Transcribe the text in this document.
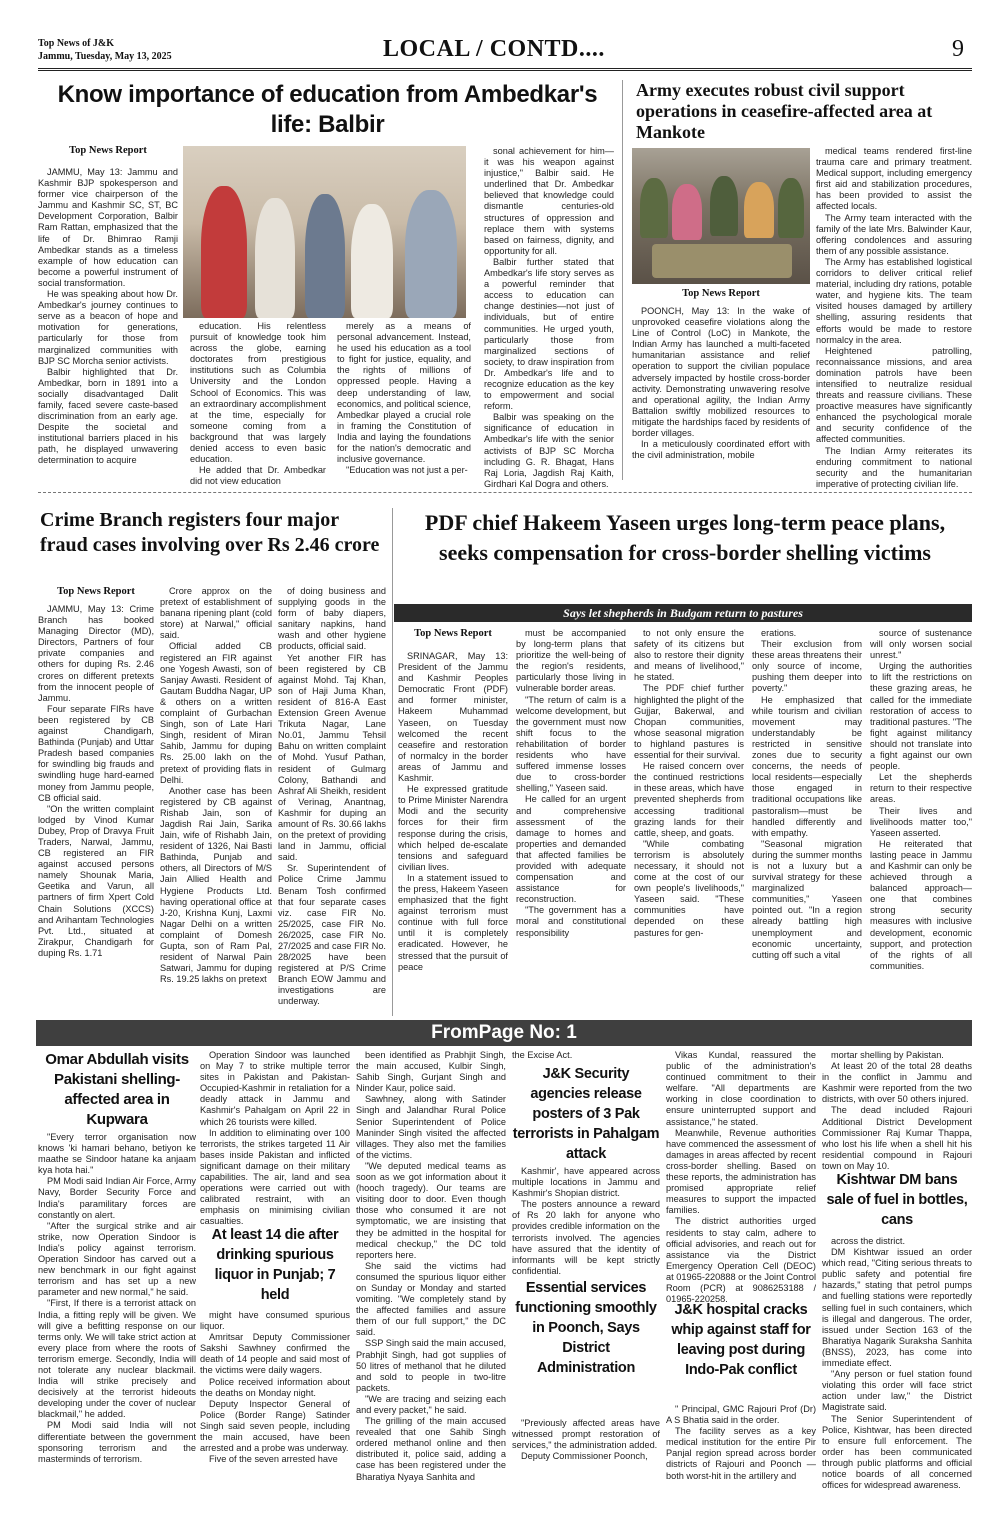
Top News of J&K
Jammu, Tuesday, May 13, 2025	LOCAL / CONTD....	9
Know importance of education from Ambedkar's life: Balbir
Top News Report

JAMMU, May 13: Jammu and Kashmir BJP spokesperson and former vice chairperson of the Jammu and Kashmir SC, ST, BC Development Corporation, Balbir Ram Rattan, emphasized that the life of Dr. Bhimrao Ramji Ambedkar stands as a timeless example of how education can become a powerful instrument of social transformation.

He was speaking about how Dr. Ambedkar's journey continues to serve as a beacon of hope and motivation for generations, particularly for those from marginalized communities with BJP SC Morcha senior activists.

Balbir highlighted that Dr. Ambedkar, born in 1891 into a socially disadvantaged Dalit family, faced severe caste-based discrimination from an early age. Despite the societal and institutional barriers placed in his path, he displayed unwavering determination to acquire

education. His relentless pursuit of knowledge took him across the globe, earning doctorates from prestigious institutions such as Columbia University and the London School of Economics. This was an extraordinary accomplishment at the time, especially for someone coming from a background that was largely denied access to even basic education.

He added that Dr. Ambedkar did not view education

merely as a means of personal advancement. Instead, he used his education as a tool to fight for justice, equality, and the rights of millions of oppressed people. Having a deep understanding of law, economics, and political science, Ambedkar played a crucial role in framing the Constitution of India and laying the foundations for the nation's democratic and inclusive governance.

"Education was not just a per-

sonal achievement for him—it was his weapon against injustice," Balbir said. He underlined that Dr. Ambedkar believed that knowledge could dismantle centuries-old structures of oppression and replace them with systems based on fairness, dignity, and opportunity for all.

Balbir further stated that Ambedkar's life story serves as a powerful reminder that access to education can change destinies—not just of individuals, but of entire communities. He urged youth, particularly those from marginalized sections of society, to draw inspiration from Dr. Ambedkar's life and to recognize education as the key to empowerment and social reform.

Balbir was speaking on the significance of education in Ambedkar's life with the senior activists of BJP SC Morcha including G. R. Bhagat, Hans Raj Loria, Jagdish Raj Kaith, Girdhari Kal Dogra and others.

Army executes robust civil support operations in ceasefire-affected area at Mankote
Top News Report

POONCH, May 13: In the wake of unprovoked ceasefire violations along the Line of Control (LoC) in Mankote, the Indian Army has launched a multi-faceted humanitarian assistance and relief operation to support the civilian populace adversely impacted by hostile cross-border activity. Demonstrating unwavering resolve and operational agility, the Indian Army Battalion swiftly mobilized resources to mitigate the hardships faced by residents of border villages.

In a meticulously coordinated effort with the civil administration, mobile

medical teams rendered first-line trauma care and primary treatment. Medical support, including emergency first aid and stabilization procedures, has been provided to assist the affected locals.

The Army team interacted with the family of the late Mrs. Balwinder Kaur, offering condolences and assuring them of any possible assistance.

The Army has established logistical corridors to deliver critical relief material, including dry rations, potable water, and hygiene kits. The team visited houses damaged by artillery shelling, assuring residents that efforts would be made to restore normalcy in the area.

Heightened patrolling, reconnaissance missions, and area domination patrols have been intensified to neutralize residual threats and reassure civilians. These proactive measures have significantly enhanced the psychological morale and security confidence of the affected communities.

The Indian Army reiterates its enduring commitment to national security and the humanitarian imperative of protecting civilian life.

Crime Branch registers four major fraud cases involving over Rs 2.46 crore
Top News Report

JAMMU, May 13: Crime Branch has booked Managing Director (MD), Directors, Partners of four private companies and others for duping Rs. 2.46 crores on different pretexts from the innocent people of Jammu.

Four separate FIRs have been registered by CB against Chandigarh, Bathinda (Punjab) and Uttar Pradesh based companies for swindling big frauds and swindling huge hard-earned money from Jammu people, CB official said.

"On the written complaint lodged by Vinod Kumar Dubey, Prop of Dravya Fruit Traders, Narwal, Jammu, CB registered an FIR against accused persons namely Shounak Maria, Geetika and Varun, all partners of firm Xpert Cold Chain Solutions (XCCS) and Arihantam Technologies Pvt. Ltd., situated at Zirakpur, Chandigarh for duping Rs. 1.71

Crore approx on the pretext of establishment of banana ripening plant (cold store) at Narwal," official said.

Official added CB registered an FIR against one Yogesh Awasti, son of Sanjay Awasti. Resident of Gautam Buddha Nagar, UP & others on a written complaint of Gurbachan Singh, son of Late Hari Singh, resident of Miran Sahib, Jammu for duping Rs. 25.00 lakh on the pretext of providing flats in Delhi.

Another case has been registered by CB against Rishab Jain, son of Jagdish Rai Jain, Sarika Jain, wife of Rishabh Jain, resident of 1326, Nai Basti Bathinda, Punjab and others, all Directors of M/S Jain Allied Health and Hygiene Products Ltd. having operational office at J-20, Krishna Kunj, Laxmi Nagar Delhi on a written complaint of Domesh Gupta, son of Ram Pal, resident of Narwal Pain Satwari, Jammu for duping Rs. 19.25 lakhs on pretext

of doing business and supplying goods in the form of baby diapers, sanitary napkins, hand wash and other hygiene products, official said.

Yet another FIR has been registered by CB against Mohd. Taj Khan, son of Haji Juma Khan, resident of 816-A East Extension Green Avenue Trikuta Nagar, Lane No.01, Jammu Tehsil Bahu on written complaint of Mohd. Yusuf Pathan, resident of Gulmarg Colony, Bathandi and Ashraf Ali Sheikh, resident of Verinag, Anantnag, Kashmir for duping an amount of Rs. 30.66 lakhs on the pretext of providing land in Jammu, official said.

Sr. Superintendent of Police Crime Jammu Benam Tosh confirmed that four separate cases viz. case FIR No. 25/2025, case FIR No. 26/2025, case FIR No. 27/2025 and case FIR No. 28/2025 have been registered at P/S Crime Branch EOW Jammu and investigations are underway.

PDF chief Hakeem Yaseen urges long-term peace plans, seeks compensation for cross-border shelling victims
Says let shepherds in Budgam return to pastures
Top News Report

SRINAGAR, May 13: President of the Jammu and Kashmir Peoples Democratic Front (PDF) and former minister, Hakeem Muhammad Yaseen, on Tuesday welcomed the recent ceasefire and restoration of normalcy in the border areas of Jammu and Kashmir.

He expressed gratitude to Prime Minister Narendra Modi and the security forces for their firm response during the crisis, which helped de-escalate tensions and safeguard civilian lives.

In a statement issued to the press, Hakeem Yaseen emphasized that the fight against terrorism must continue with full force until it is completely eradicated. However, he stressed that the pursuit of peace

must be accompanied by long-term plans that prioritize the well-being of the region's residents, particularly those living in vulnerable border areas.

"The return of calm is a welcome development, but the government must now shift focus to the rehabilitation of border residents who have suffered immense losses due to cross-border shelling," Yaseen said.

He called for an urgent and comprehensive assessment of the damage to homes and properties and demanded that affected families be provided with adequate compensation and assistance for reconstruction.

"The government has a moral and constitutional responsibility

to not only ensure the safety of its citizens but also to restore their dignity and means of livelihood," he stated.

The PDF chief further highlighted the plight of the Gujjar, Bakerwal, and Chopan communities, whose seasonal migration to highland pastures is essential for their survival.

He raised concern over the continued restrictions in these areas, which have prevented shepherds from accessing traditional grazing lands for their cattle, sheep, and goats.

"While combating terrorism is absolutely necessary, it should not come at the cost of our own people's livelihoods," Yaseen said. "These communities have depended on these pastures for gen-

erations.

Their exclusion from these areas threatens their only source of income, pushing them deeper into poverty."

He emphasized that while tourism and civilian movement may understandably be restricted in sensitive zones due to security concerns, the needs of local residents—especially those engaged in traditional occupations like pastoralism—must be handled differently and with empathy.

"Seasonal migration during the summer months is not a luxury but a survival strategy for these marginalized communities," Yaseen pointed out. "In a region already battling high unemployment and economic uncertainty, cutting off such a vital

source of sustenance will only worsen social unrest."

Urging the authorities to lift the restrictions on these grazing areas, he called for the immediate restoration of access to traditional pastures. "The fight against militancy should not translate into a fight against our own people.

Let the shepherds return to their respective areas.

Their lives and livelihoods matter too," Yaseen asserted.

He reiterated that lasting peace in Jammu and Kashmir can only be achieved through a balanced approach—one that combines strong security measures with inclusive development, economic support, and protection of the rights of all communities.

FromPage No: 1
Omar Abdullah visits Pakistani shelling-affected area in Kupwara

"Every terror organisation now knows 'ki hamari behano, betiyon ke maathe se Sindoor hatane ka anjaam kya hota hai."

PM Modi said Indian Air Force, Army Navy, Border Security Force and India's paramilitary forces are constantly on alert.

"After the surgical strike and air strike, now Operation Sindoor is India's policy against terrorism. Operation Sindoor has carved out a new benchmark in our fight against terrorism and has set up a new parameter and new normal," he said.

"First, If there is a terrorist attack on India, a fitting reply will be given. We will give a befitting response on our terms only. We will take strict action at every place from where the roots of terrorism emerge. Secondly, India will not tolerate any nuclear blackmail. India will strike precisely and decisively at the terrorist hideouts developing under the cover of nuclear blackmail," he added.

PM Modi said India will not differentiate between the government sponsoring terrorism and the masterminds of terrorism.

Operation Sindoor was launched on May 7 to strike multiple terror sites in Pakistan and Pakistan-Occupied-Kashmir in retaliation for a deadly attack in Jammu and Kashmir's Pahalgam on April 22 in which 26 tourists were killed.

In addition to eliminating over 100 terrorists, the strikes targeted 11 Air bases inside Pakistan and inflicted significant damage on their military capabilities. The air, land and sea operations were carried out with calibrated restraint, with an emphasis on minimising civilian casualties.

At least 14 die after drinking spurious liquor in Punjab; 7 held

might have consumed spurious liquor.

Amritsar Deputy Commissioner Sakshi Sawhney confirmed the death of 14 people and said most of the victims were daily wagers.

Police received information about the deaths on Monday night.

Deputy Inspector General of Police (Border Range) Satinder Singh said seven people, including the main accused, have been arrested and a probe was underway.

Five of the seven arrested have

been identified as Prabhjit Singh, the main accused, Kulbir Singh, Sahib Singh, Gurjant Singh and Ninder Kaur, police said.

Sawhney, along with Satinder Singh and Jalandhar Rural Police Senior Superintendent of Police Maninder Singh visited the affected villages. They also met the families of the victims.

"We deputed medical teams as soon as we got information about it (hooch tragedy). Our teams are visiting door to door. Even though those who consumed it are not symptomatic, we are insisting that they be admitted in the hospital for medical checkup," the DC told reporters here.

She said the victims had consumed the spurious liquor either on Sunday or Monday and started vomiting. "We completely stand by the affected families and assure them of our full support," the DC said.

SSP Singh said the main accused, Prabhjit Singh, had got supplies of 50 litres of methanol that he diluted and sold to people in two-litre packets.

"We are tracing and seizing each and every packet," he said.

The grilling of the main accused revealed that one Sahib Singh ordered methanol online and then distributed it, police said, adding a case has been registered under the Bharatiya Nyaya Sanhita and

the Excise Act.

J&K Security agencies release posters of 3 Pak terrorists in Pahalgam attack

Kashmir', have appeared across multiple locations in Jammu and Kashmir's Shopian district.

The posters announce a reward of Rs 20 lakh for anyone who provides credible information on the terrorists involved. The agencies have assured that the identity of informants will be kept strictly confidential.

Essential services functioning smoothly in Poonch, Says District Administration

"Previously affected areas have witnessed prompt restoration of services," the administration added.

Deputy Commissioner Poonch,

Vikas Kundal, reassured the public of the administration's continued commitment to their welfare. "All departments are working in close coordination to ensure uninterrupted support and assistance," he stated.

Meanwhile, Revenue authorities have commenced the assessment of damages in areas affected by recent cross-border shelling. Based on these reports, the administration has promised appropriate relief measures to support the impacted families.

The district authorities urged residents to stay calm, adhere to official advisories, and reach out for assistance via the District Emergency Operation Cell (DEOC) at 01965-220888 or the Joint Control Room (PCR) at 9086253188 / 01965-220258.

J&K hospital cracks whip against staff for leaving post during Indo-Pak conflict

" Principal, GMC Rajouri Prof (Dr) A S Bhatia said in the order.

The facility serves as a key medical institution for the entire Pir Panjal region spread across border districts of Rajouri and Poonch — both worst-hit in the artillery and

mortar shelling by Pakistan.

At least 20 of the total 28 deaths in the conflict in Jammu and Kashmir were reported from the two districts, with over 50 others injured.

The dead included Rajouri Additional District Development Commissioner Raj Kumar Thappa, who lost his life when a shell hit his residential compound in Rajouri town on May 10.

Kishtwar DM bans sale of fuel in bottles, cans

across the district.

DM Kishtwar issued an order which read, "Citing serious threats to public safety and potential fire hazards," stating that petrol pumps and fuelling stations were reportedly selling fuel in such containers, which is illegal and dangerous. The order, issued under Section 163 of the Bharatiya Nagarik Suraksha Sanhita (BNSS), 2023, has come into immediate effect.

"Any person or fuel station found violating this order will face strict action under law," the District Magistrate said.

The Senior Superintendent of Police, Kishtwar, has been directed to ensure full enforcement. The order has been communicated through public platforms and official notice boards of all concerned offices for widespread awareness.
